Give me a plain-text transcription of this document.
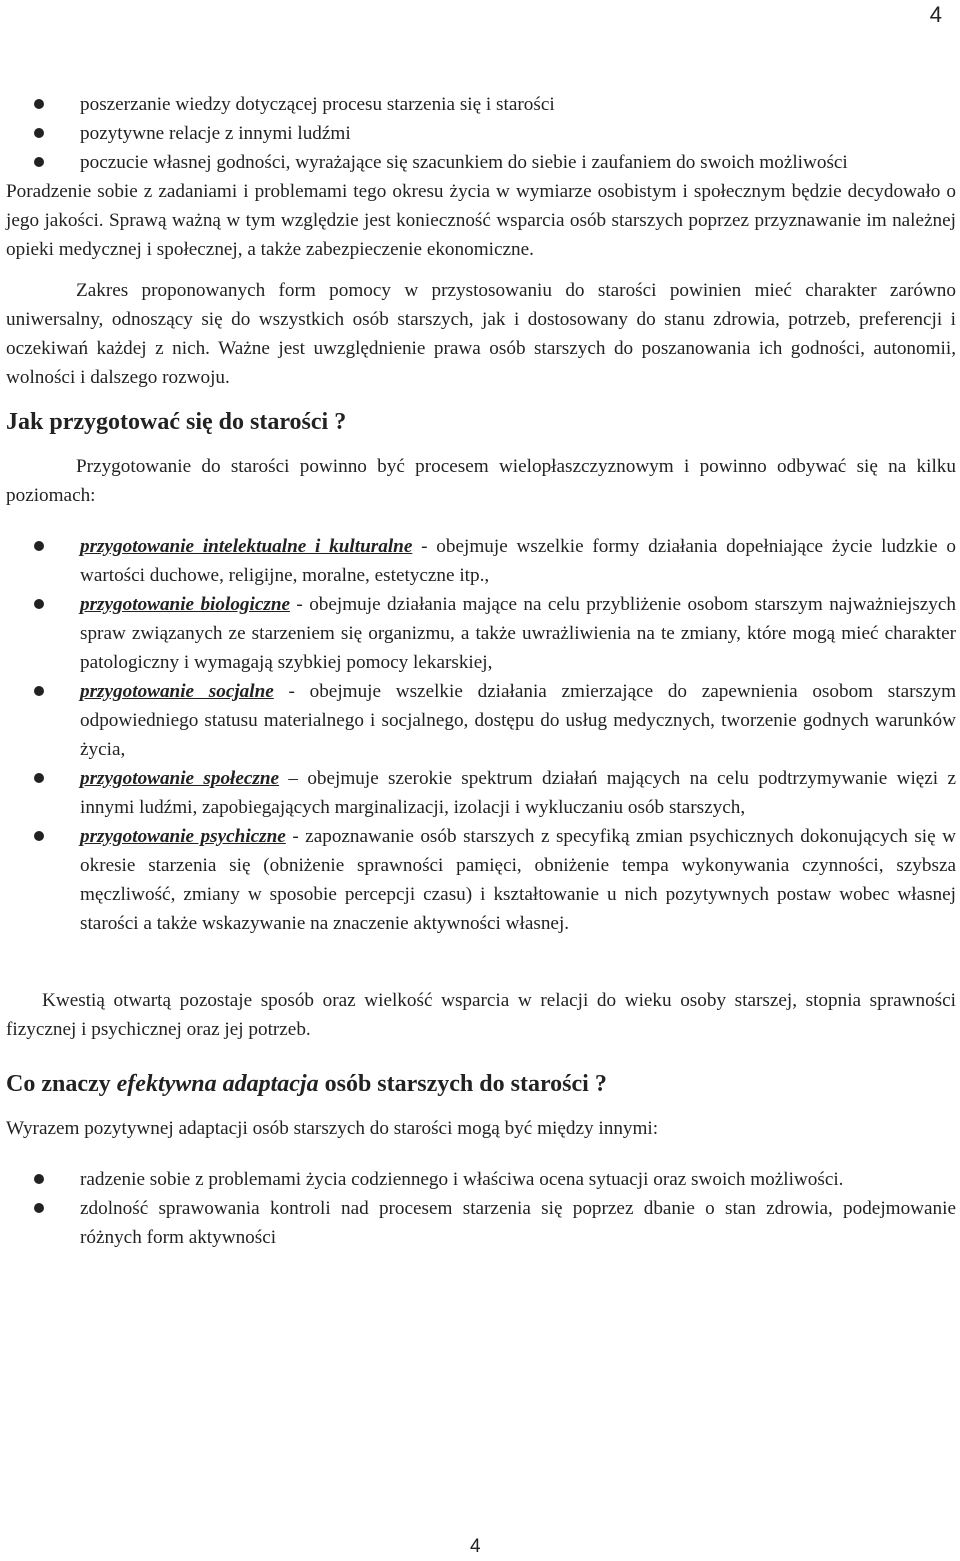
4
poszerzanie wiedzy dotyczącej procesu starzenia się i starości
pozytywne relacje z innymi ludźmi
poczucie własnej godności, wyrażające się szacunkiem do siebie i zaufaniem do swoich możliwości

Poradzenie sobie z zadaniami i problemami tego okresu życia w wymiarze osobistym i społecznym będzie decydowało o jego jakości. Sprawą ważną w tym względzie jest konieczność wsparcia osób starszych poprzez przyznawanie im należnej opieki medycznej i społecznej, a także zabezpieczenie ekonomiczne.

Zakres proponowanych form pomocy w przystosowaniu do starości powinien mieć charakter zarówno uniwersalny, odnoszący się do wszystkich osób starszych, jak i dostosowany do stanu zdrowia, potrzeb, preferencji i oczekiwań każdej z nich. Ważne jest uwzględnienie prawa osób starszych do poszanowania ich godności, autonomii, wolności i dalszego rozwoju.

Jak przygotować się do starości ?

Przygotowanie do starości powinno być procesem wielopłaszczyznowym i powinno odbywać się na kilku poziomach:

przygotowanie intelektualne i kulturalne - obejmuje wszelkie formy działania dopełniające życie ludzkie o wartości duchowe, religijne, moralne, estetyczne itp.,
przygotowanie biologiczne - obejmuje działania mające na celu przybliżenie osobom starszym najważniejszych spraw związanych ze starzeniem się organizmu, a także uwrażliwienia na te zmiany, które mogą mieć charakter patologiczny i wymagają szybkiej pomocy lekarskiej,
przygotowanie socjalne - obejmuje wszelkie działania zmierzające do zapewnienia osobom starszym odpowiedniego statusu materialnego i socjalnego, dostępu do usług medycznych, tworzenie godnych warunków życia,
przygotowanie społeczne – obejmuje szerokie spektrum działań mających na celu podtrzymywanie więzi z innymi ludźmi, zapobiegających marginalizacji, izolacji i wykluczaniu osób starszych,
przygotowanie psychiczne - zapoznawanie osób starszych z specyfiką zmian psychicznych dokonujących się w okresie starzenia się (obniżenie sprawności pamięci, obniżenie tempa wykonywania czynności, szybsza męczliwość, zmiany w sposobie percepcji czasu) i kształtowanie u nich pozytywnych postaw wobec własnej starości a także wskazywanie na znaczenie aktywności własnej.

Kwestią otwartą pozostaje sposób oraz wielkość wsparcia w relacji do wieku osoby starszej, stopnia sprawności fizycznej i psychicznej oraz jej potrzeb.

Co znaczy efektywna adaptacja osób starszych do starości ?

Wyrazem pozytywnej adaptacji osób starszych do starości mogą być między innymi:

radzenie sobie z problemami życia codziennego i właściwa ocena sytuacji oraz swoich możliwości.
zdolność sprawowania kontroli nad procesem starzenia się poprzez dbanie o stan zdrowia, podejmowanie różnych form aktywności
4
